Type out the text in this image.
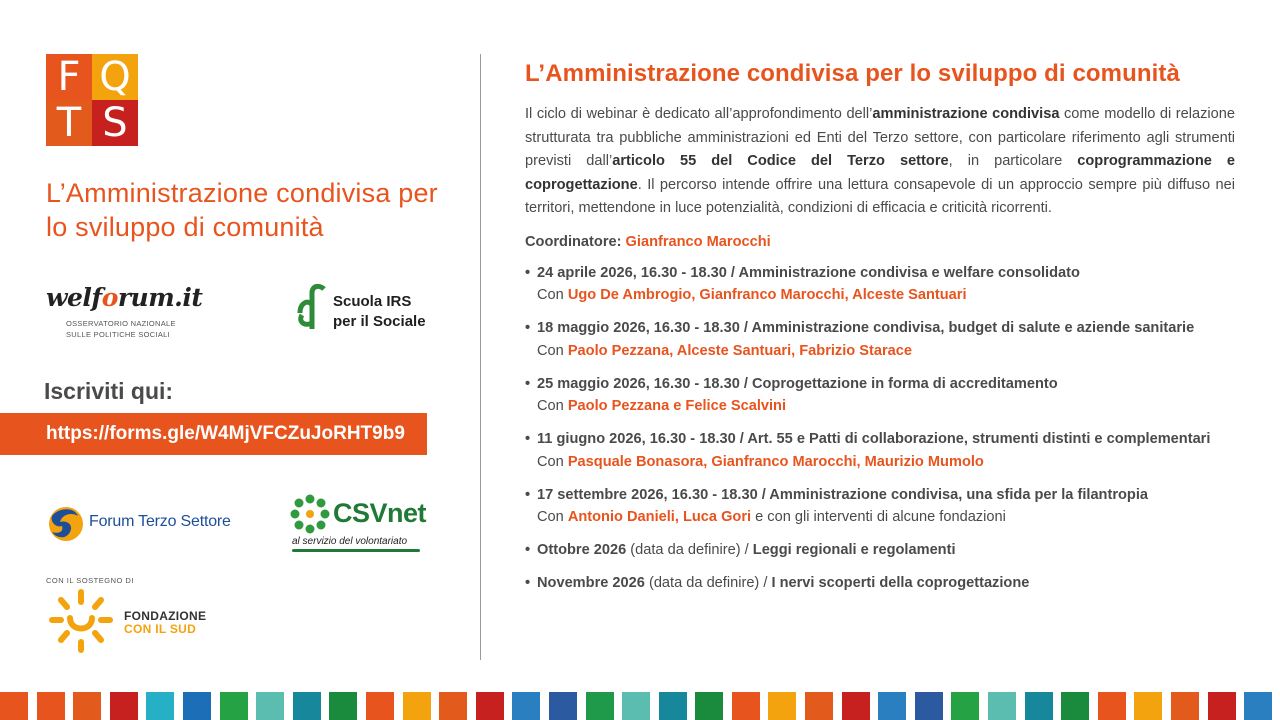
F Q
T S
L’Amministrazione condivisa per lo sviluppo di comunità
welforum.it
OSSERVATORIO NAZIONALE
SULLE POLITICHE SOCIALI
Scuola IRS
per il Sociale
Iscriviti qui:
https://forms.gle/W4MjVFCZuJoRHT9b9
Forum Terzo Settore	CSVnet
al servizio del volontariato
CON IL SOSTEGNO DI
FONDAZIONE
CON IL SUD
L’Amministrazione condivisa per lo sviluppo di comunità

Il ciclo di webinar è dedicato all’approfondimento dell’amministrazione condivisa come modello di relazione strutturata tra pubbliche amministrazioni ed Enti del Terzo settore, con particolare riferimento agli strumenti previsti dall’articolo 55 del Codice del Terzo settore, in particolare coprogrammazione e coprogettazione. Il percorso intende offrire una lettura consapevole di un approccio sempre più diffuso nei territori, mettendone in luce potenzialità, condizioni di efficacia e criticità ricorrenti.

Coordinatore: Gianfranco Marocchi
• 24 aprile 2026, 16.30 - 18.30 / Amministrazione condivisa e welfare consolidato
Con Ugo De Ambrogio, Gianfranco Marocchi, Alceste Santuari
• 18 maggio 2026, 16.30 - 18.30 / Amministrazione condivisa, budget di salute e aziende sanitarie
Con Paolo Pezzana, Alceste Santuari, Fabrizio Starace
• 25 maggio 2026, 16.30 - 18.30 / Coprogettazione in forma di accreditamento
Con Paolo Pezzana e Felice Scalvini
• 11 giugno 2026, 16.30 - 18.30 / Art. 55 e Patti di collaborazione, strumenti distinti e complementari
Con Pasquale Bonasora, Gianfranco Marocchi, Maurizio Mumolo
• 17 settembre 2026, 16.30 - 18.30 / Amministrazione condivisa, una sfida per la filantropia
Con Antonio Danieli, Luca Gori e con gli interventi di alcune fondazioni
• Ottobre 2026 (data da definire) / Leggi regionali e regolamenti
• Novembre 2026 (data da definire) / I nervi scoperti della coprogettazione
